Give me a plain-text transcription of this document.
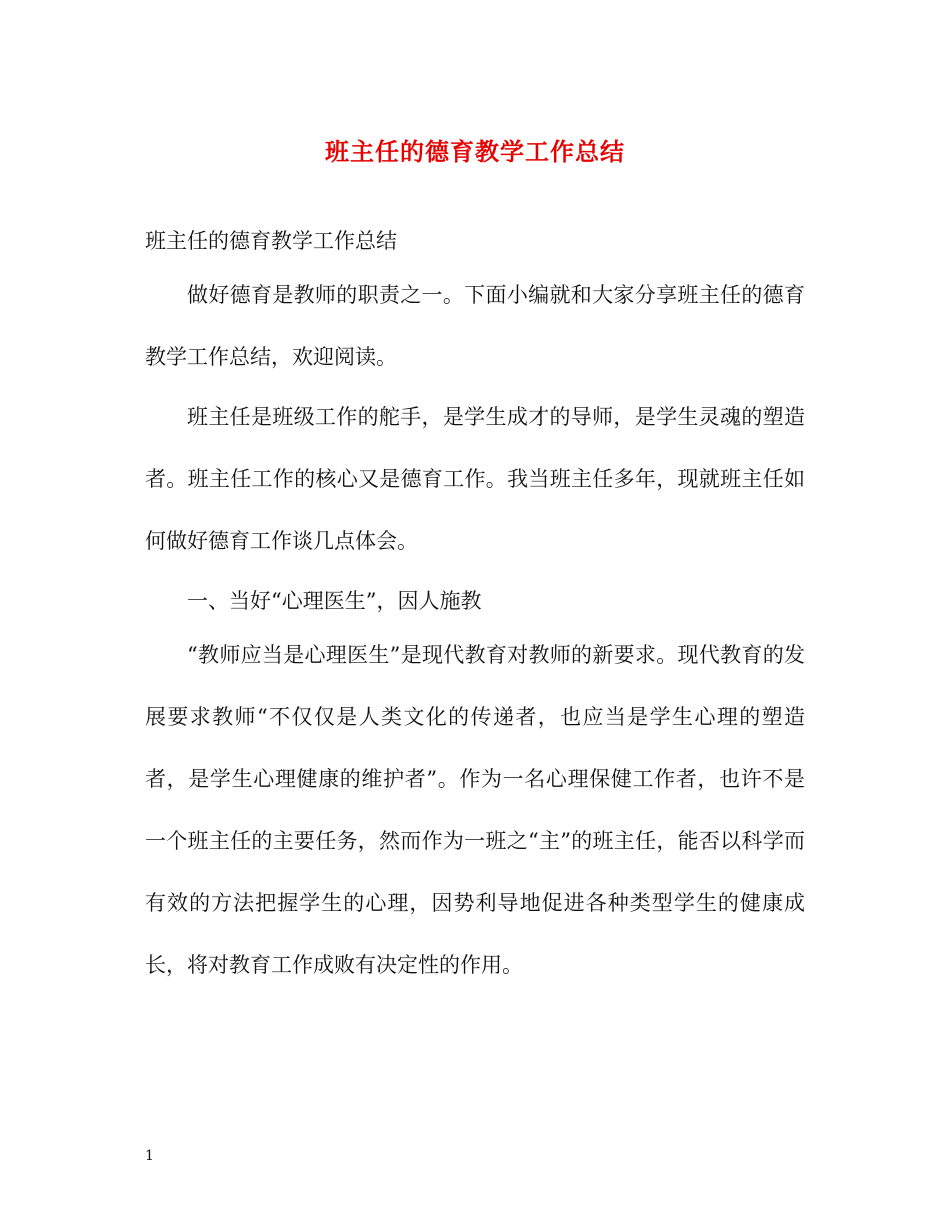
班主任的德育教学工作总结

班主任的德育教学工作总结

做好德育是教师的职责之一。下面小编就和大家分享班主任的德育教学工作总结，欢迎阅读。

班主任是班级工作的舵手，是学生成才的导师，是学生灵魂的塑造者。班主任工作的核心又是德育工作。我当班主任多年，现就班主任如何做好德育工作谈几点体会。

一、当好“心理医生”，因人施教

“教师应当是心理医生”是现代教育对教师的新要求。现代教育的发展要求教师“不仅仅是人类文化的传递者，也应当是学生心理的塑造者，是学生心理健康的维护者”。作为一名心理保健工作者，也许不是一个班主任的主要任务，然而作为一班之“主”的班主任，能否以科学而有效的方法把握学生的心理，因势利导地促进各种类型学生的健康成长，将对教育工作成败有决定性的作用。

1
